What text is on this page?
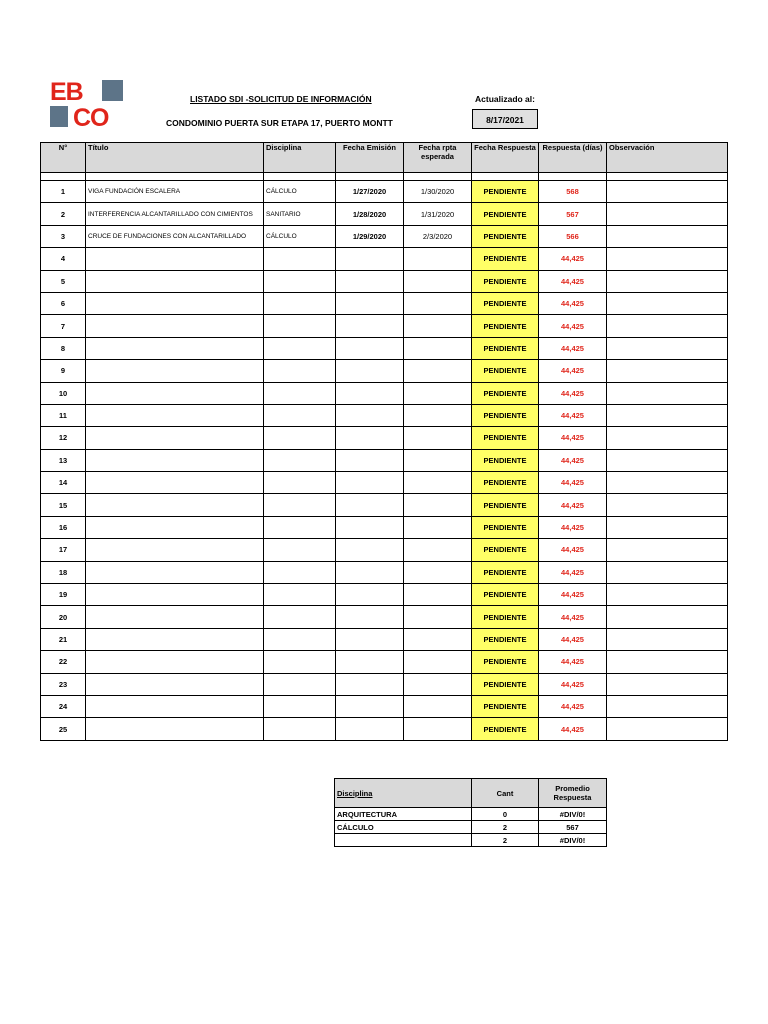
EB
CO
LISTADO SDI -SOLICITUD DE INFORMACIÓN	Actualizado al:
CONDOMINIO PUERTA SUR ETAPA 17, PUERTO MONTT	8/17/2021
N°	Título	Disciplina	Fecha Emisión	Fecha rpta esperada	Fecha Respuesta	Respuesta (días)	Observación

1	VIGA FUNDACIÓN ESCALERA	CÁLCULO	1/27/2020	1/30/2020	PENDIENTE	568	
2	INTERFERENCIA ALCANTARILLADO CON CIMIENTOS	SANITARIO	1/28/2020	1/31/2020	PENDIENTE	567	
3	CRUCE DE FUNDACIONES CON ALCANTARILLADO	CÁLCULO	1/29/2020	2/3/2020	PENDIENTE	566	
4					PENDIENTE	44,425	
5					PENDIENTE	44,425	
6					PENDIENTE	44,425	
7					PENDIENTE	44,425	
8					PENDIENTE	44,425	
9					PENDIENTE	44,425	
10					PENDIENTE	44,425	
11					PENDIENTE	44,425	
12					PENDIENTE	44,425	
13					PENDIENTE	44,425	
14					PENDIENTE	44,425	
15					PENDIENTE	44,425	
16					PENDIENTE	44,425	
17					PENDIENTE	44,425	
18					PENDIENTE	44,425	
19					PENDIENTE	44,425	
20					PENDIENTE	44,425	
21					PENDIENTE	44,425	
22					PENDIENTE	44,425	
23					PENDIENTE	44,425	
24					PENDIENTE	44,425	
25					PENDIENTE	44,425	
Disciplina	Cant	Promedio Respuesta
ARQUITECTURA	0	#DIV/0!
CÁLCULO	2	567
	2	#DIV/0!
